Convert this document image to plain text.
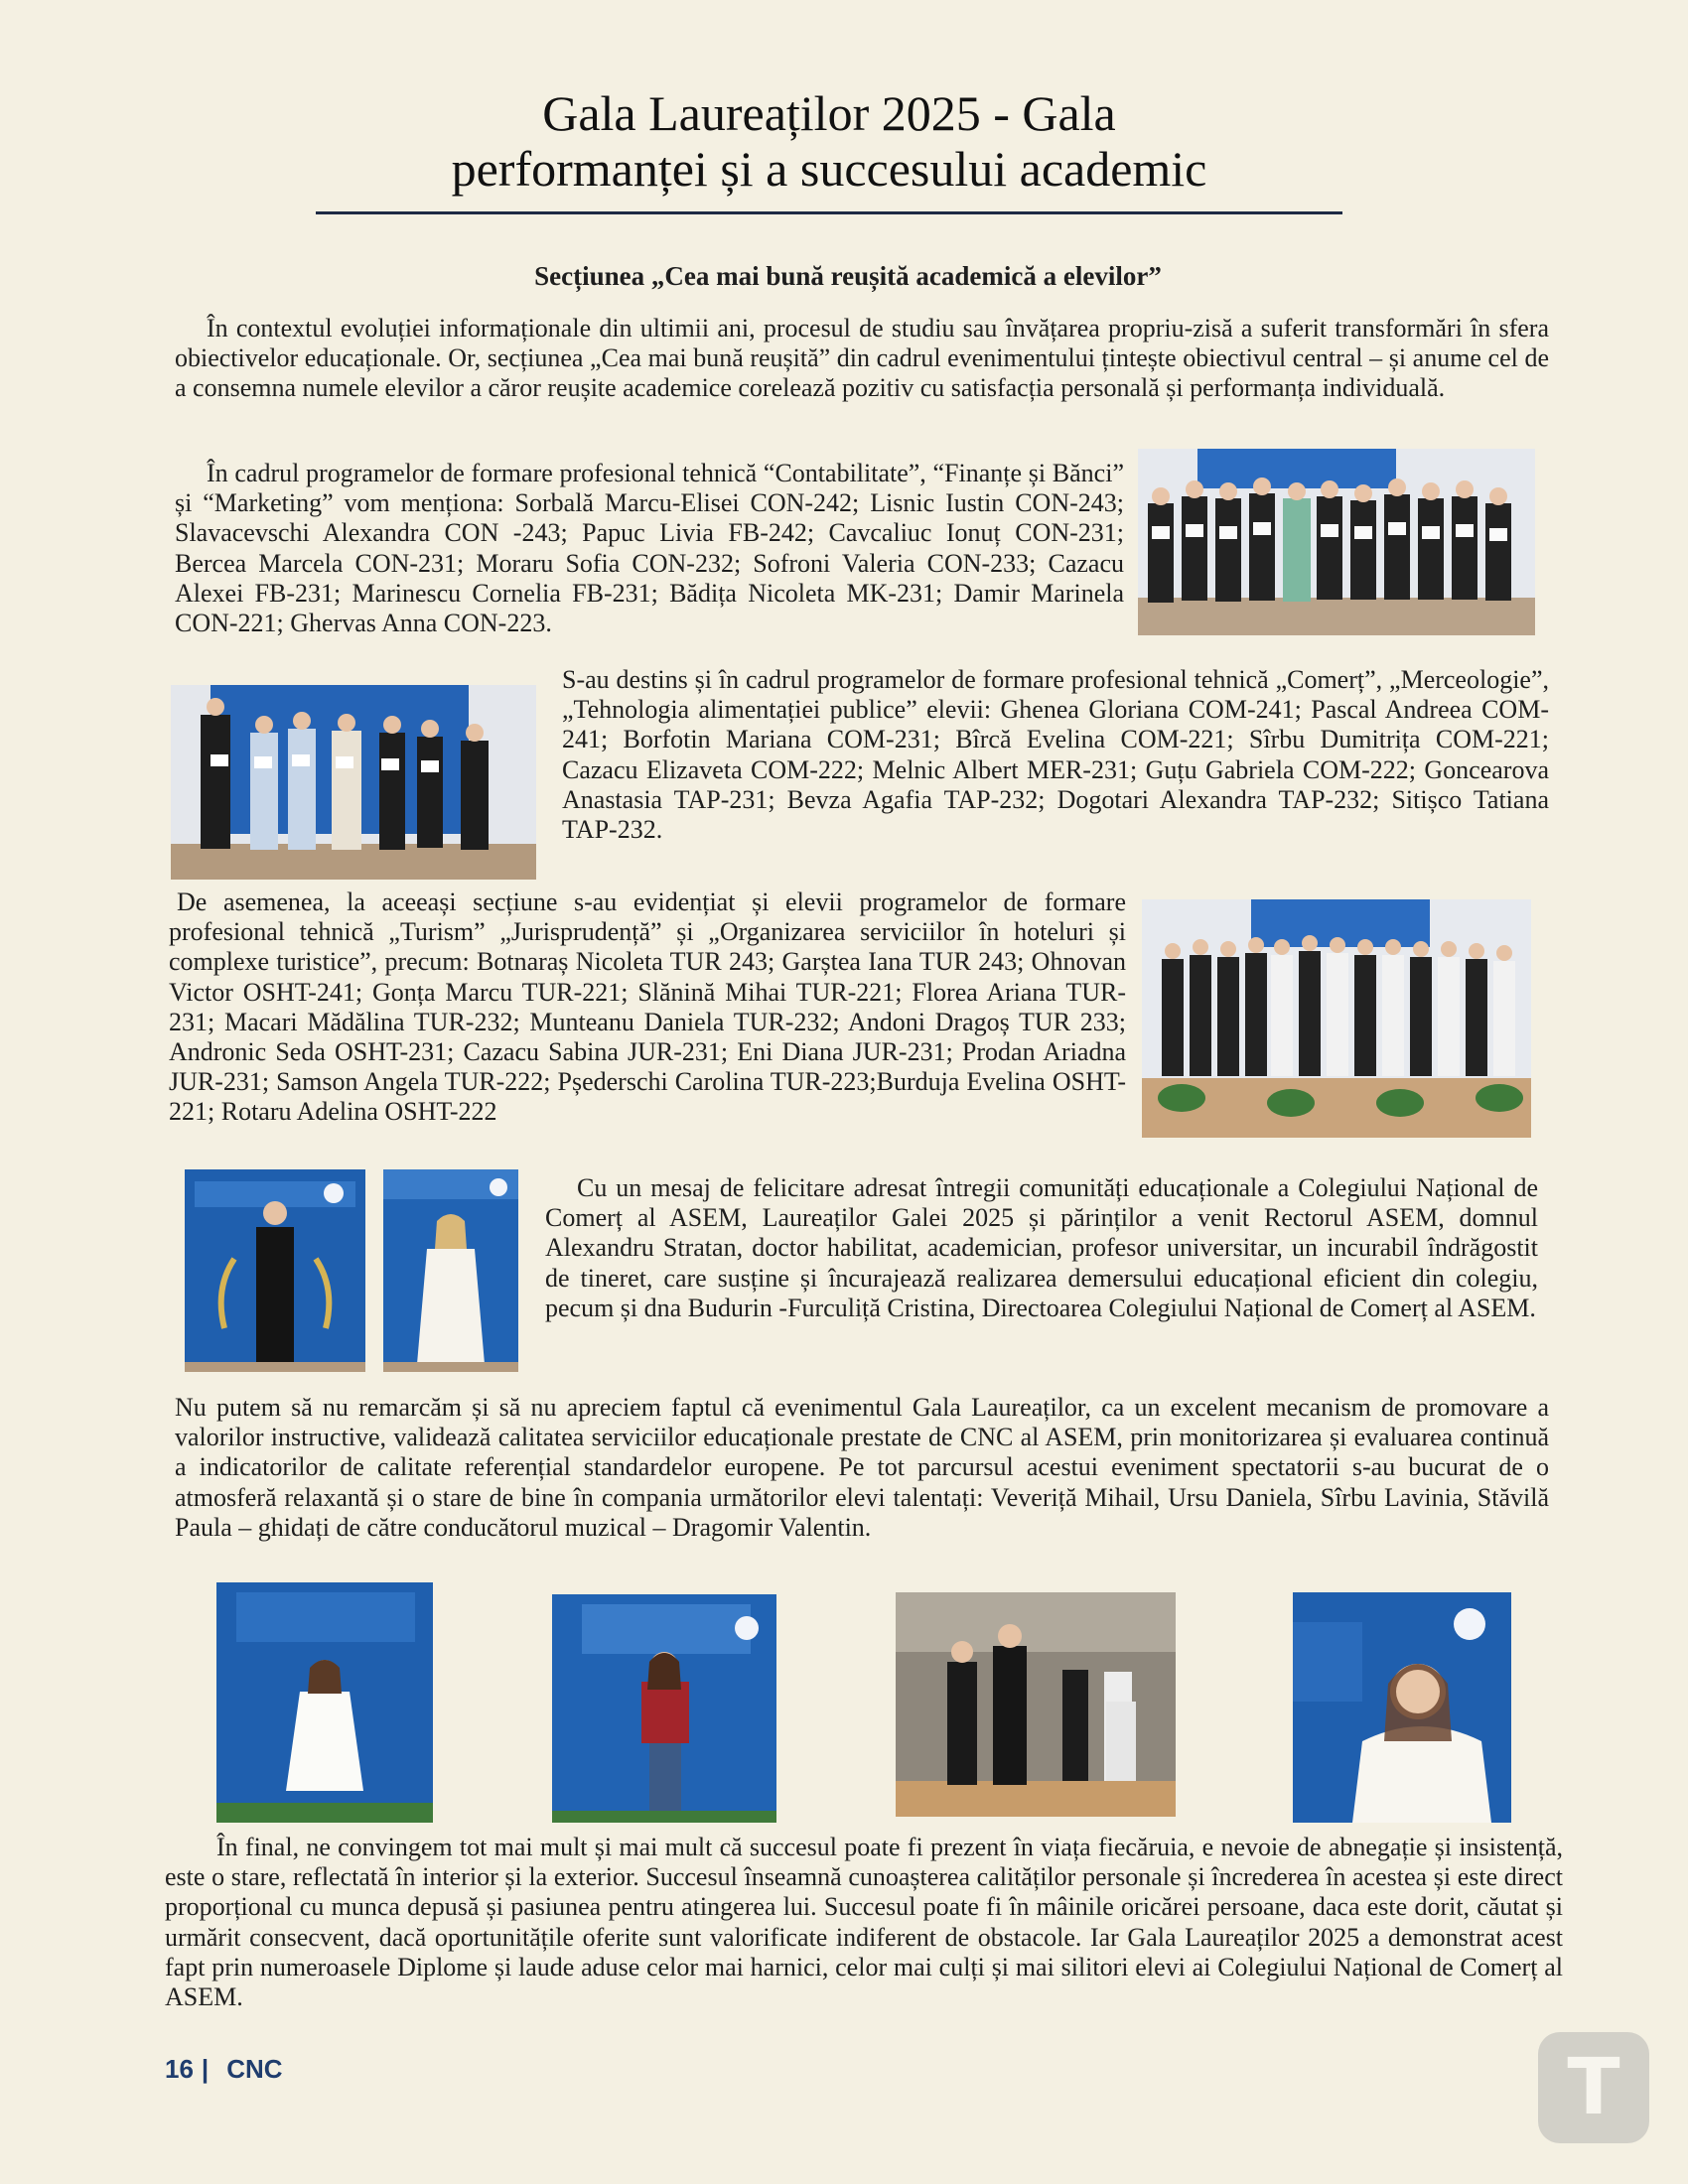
Gala Laureaților 2025 - Gala
performanței și a succesului academic
Secțiunea „Cea mai bună reușită academică a elevilor”

În contextul evoluției informaționale din ultimii ani, procesul de studiu sau învățarea propriu-zisă a suferit transformări în sfera obiectivelor educaționale. Or, secțiunea „Cea mai bună reușită” din cadrul evenimentului țintește obiectivul central – și anume cel de a consemna numele elevilor a căror reușite academice corelează pozitiv cu satisfacția personală și performanța individuală.

În cadrul programelor de formare profesional tehnică “Contabilitate”, “Finanțe și Bănci” și “Marketing” vom menționa: Sorbală Marcu-Elisei CON-242; Lisnic Iustin CON-243; Slavacevschi Alexandra CON -243; Papuc Livia FB-242; Cavcaliuc Ionuț CON-231; Bercea Marcela CON-231; Moraru Sofia CON-232; Sofroni Valeria CON-233; Cazacu Alexei FB-231; Marinescu Cornelia FB-231; Bădița Nicoleta MK-231; Damir Marinela CON-221; Ghervas Anna CON-223.

S-au destins și în cadrul programelor de formare profesional tehnică „Comerț”, „Merceologie”, „Tehnologia alimentației publice” elevii: Ghenea Gloriana COM-241; Pascal Andreea COM-241; Borfotin Mariana COM-231; Bîrcă Evelina COM-221; Sîrbu Dumitrița COM-221; Cazacu Elizaveta COM-222; Melnic Albert MER-231; Guțu Gabriela COM-222; Goncearova Anastasia TAP-231; Bevza Agafia TAP-232; Dogotari Alexandra TAP-232; Sitișco Tatiana TAP-232.

De asemenea, la aceeași secțiune s-au evidențiat și elevii programelor de formare profesional tehnică „Turism” „Jurisprudență” și „Organizarea serviciilor în hoteluri și complexe turistice”, precum: Botnaraș Nicoleta TUR 243; Garștea Iana TUR 243; Ohnovan Victor OSHT-241; Gonța Marcu TUR-221; Slănină Mihai TUR-221; Florea Ariana TUR-231; Macari Mădălina TUR-232; Munteanu Daniela TUR-232; Andoni Dragoș TUR 233; Andronic Seda OSHT-231; Cazacu Sabina JUR-231; Eni Diana JUR-231; Prodan Ariadna JUR-231; Samson Angela TUR-222; Pșederschi Carolina TUR-223;Burduja Evelina OSHT-221; Rotaru Adelina OSHT-222

Cu un mesaj de felicitare adresat întregii comunități educaționale a Colegiului Național de Comerț al ASEM, Laureaților Galei 2025 și părinților a venit Rectorul ASEM, domnul Alexandru Stratan, doctor habilitat, academician, profesor universitar, un incurabil îndrăgostit de tineret, care susține și încurajează realizarea demersului educațional eficient din colegiu, pecum și dna Budurin -Furculiță Cristina, Directoarea Colegiului Național de Comerț al ASEM.

Nu putem să nu remarcăm și să nu apreciem faptul că evenimentul Gala Laureaților, ca un excelent mecanism de promovare a valorilor instructive, validează calitatea serviciilor educaționale prestate de CNC al ASEM, prin monitorizarea și evaluarea continuă a indicatorilor de calitate referențial standardelor europene. Pe tot parcursul acestui eveniment spectatorii s-au bucurat de o atmosferă relaxantă și o stare de bine în compania următorilor elevi talentați: Veveriță Mihail, Ursu Daniela, Sîrbu Lavinia, Stăvilă Paula – ghidați de către conducătorul muzical – Dragomir Valentin.

În final, ne convingem tot mai mult și mai mult că succesul poate fi prezent în viața fiecăruia, e nevoie de abnegație și insistență, este o stare, reflectată în interior și la exterior. Succesul înseamnă cunoașterea calităților personale și încrederea în acestea și este direct proporțional cu munca depusă și pasiunea pentru atingerea lui. Succesul poate fi în mâinile oricărei persoane, daca este dorit, căutat și urmărit consecvent, dacă oportunitățile oferite sunt valorificate indiferent de obstacole. Iar Gala Laureaților 2025 a demonstrat acest fapt prin numeroasele Diplome și laude aduse celor mai harnici, celor mai culți și mai silitori elevi ai Colegiului Național de Comerț al ASEM.

16 | CNC	T
